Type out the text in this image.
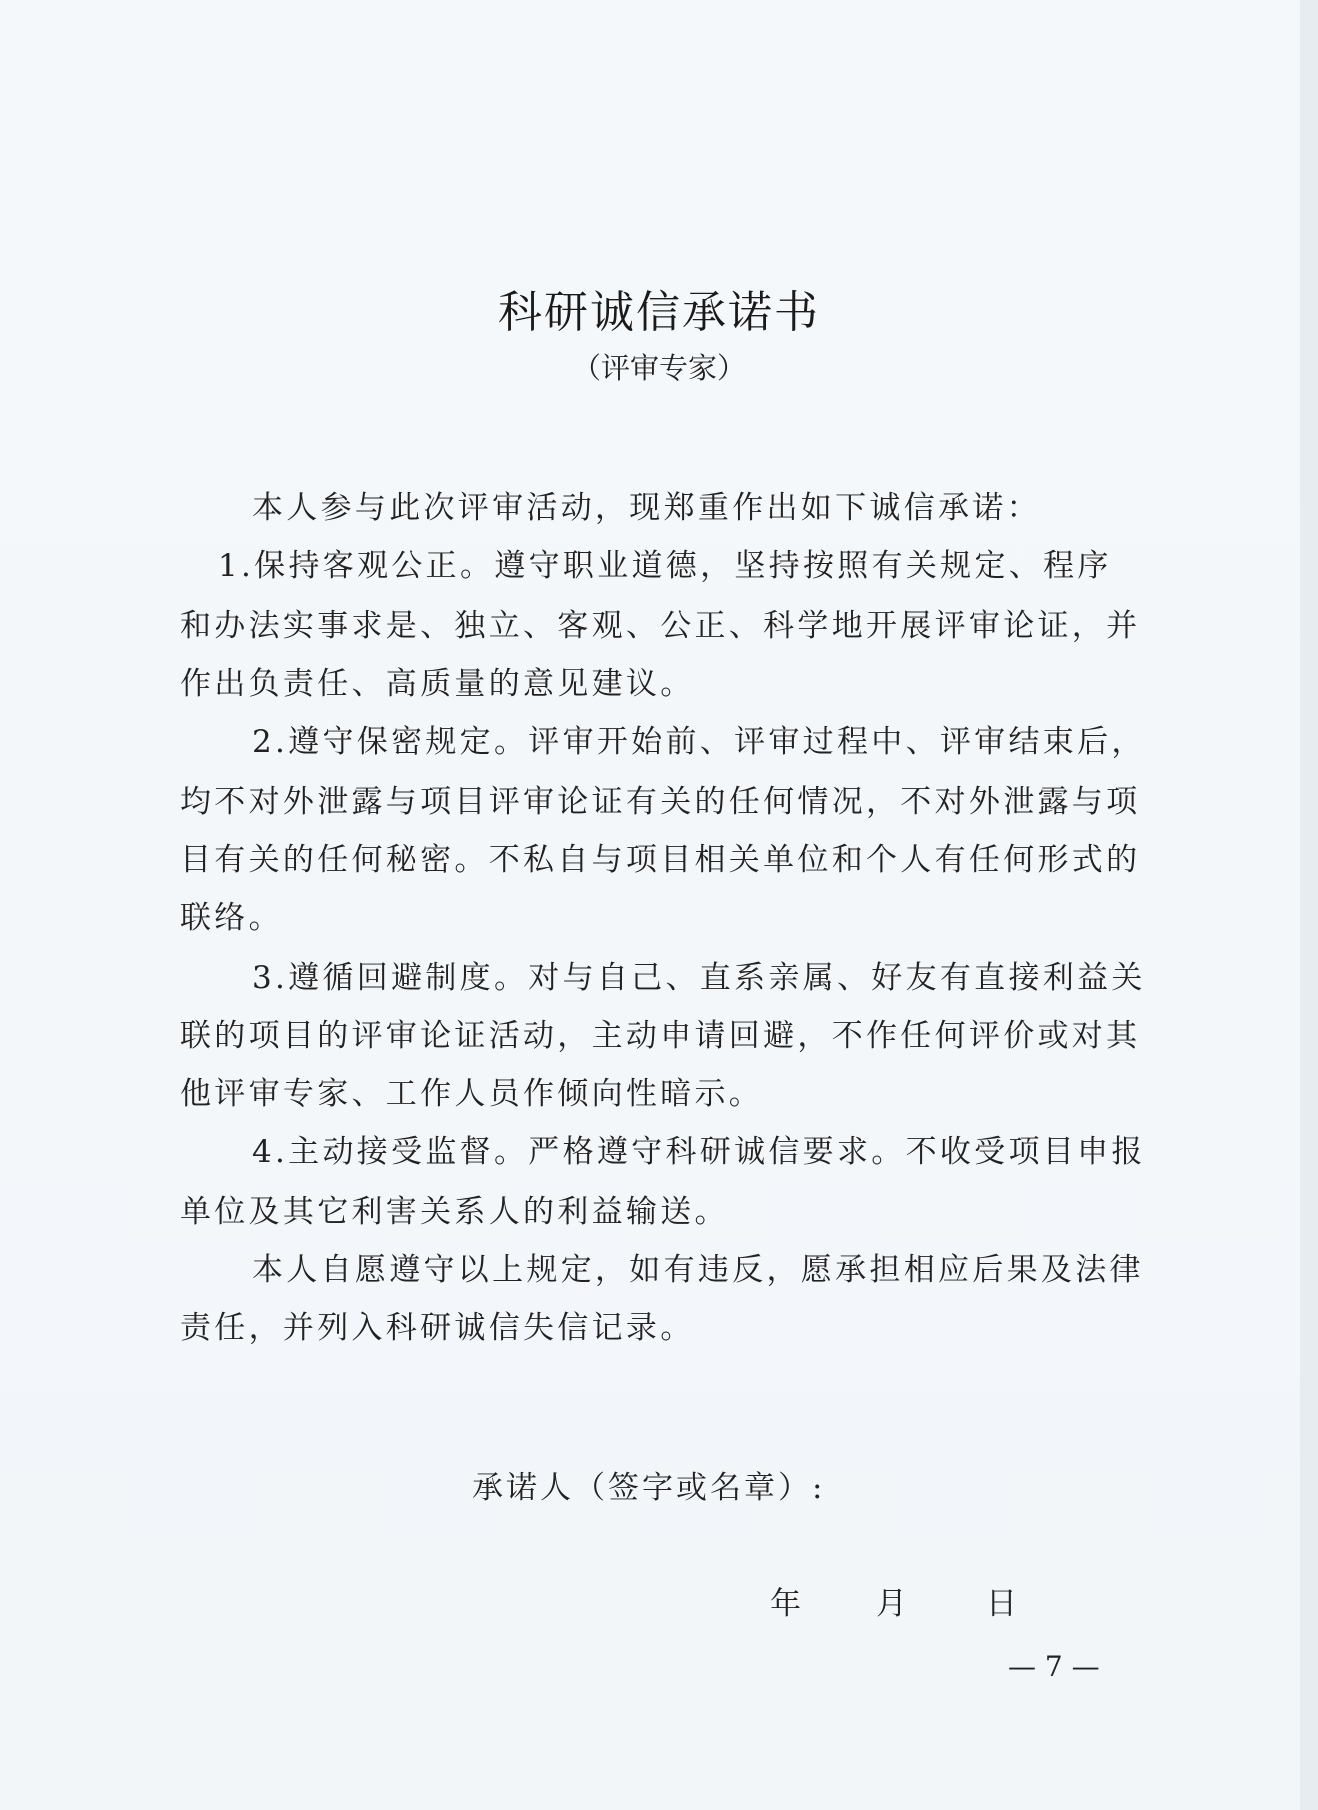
科研诚信承诺书
（评审专家）
本人参与此次评审活动，现郑重作出如下诚信承诺：
1.保持客观公正。遵守职业道德，坚持按照有关规定、程序
和办法实事求是、独立、客观、公正、科学地开展评审论证，并
作出负责任、高质量的意见建议。
2.遵守保密规定。评审开始前、评审过程中、评审结束后，
均不对外泄露与项目评审论证有关的任何情况，不对外泄露与项
目有关的任何秘密。不私自与项目相关单位和个人有任何形式的
联络。
3.遵循回避制度。对与自己、直系亲属、好友有直接利益关
联的项目的评审论证活动，主动申请回避，不作任何评价或对其
他评审专家、工作人员作倾向性暗示。
4.主动接受监督。严格遵守科研诚信要求。不收受项目申报
单位及其它利害关系人的利益输送。
本人自愿遵守以上规定，如有违反，愿承担相应后果及法律
责任，并列入科研诚信失信记录。
承诺人（签字或名章）:
年 月	日
— 7 —
